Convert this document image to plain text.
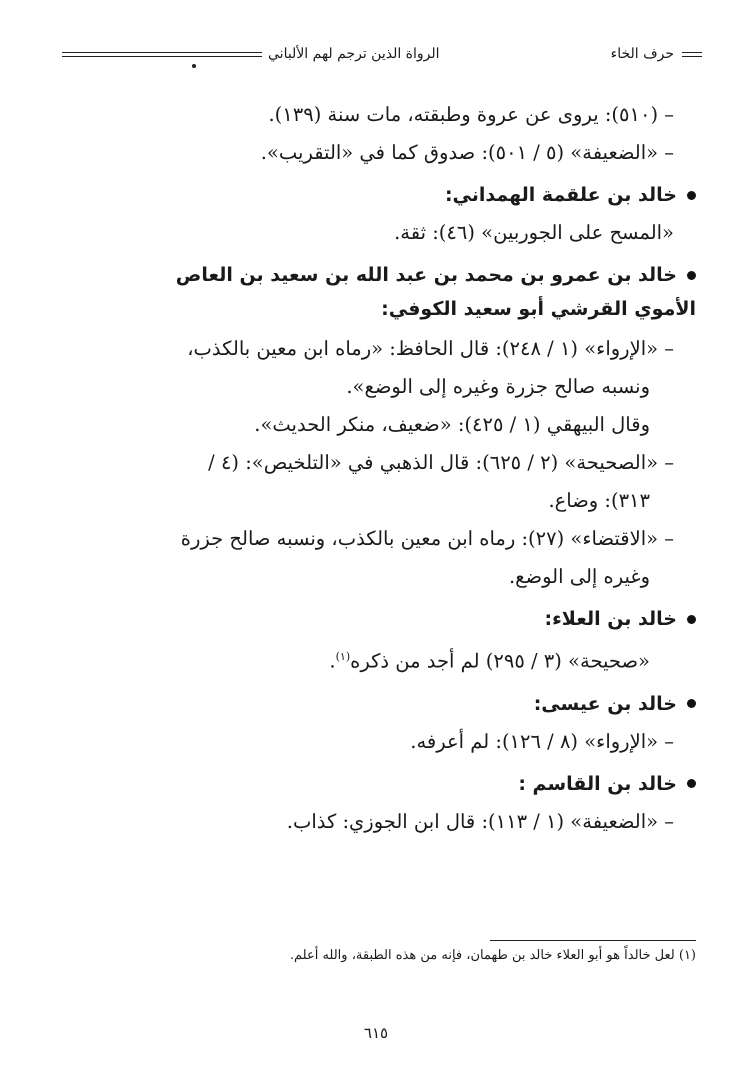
حرف الخاء
الرواة الذين ترجم لهم الألباني
– (٥١٠): يروى عن عروة وطبقته، مات سنة (١٣٩).
– «الضعيفة» (٥ / ٥٠١): صدوق كما في «التقريب».
خالد بن علقمة الهمداني:
«المسح على الجوربين» (٤٦): ثقة.
خالد بن عمرو بن محمد بن عبد الله بن سعيد بن العاص
الأموي القرشي أبو سعيد الكوفي:
– «الإرواء» (١ / ٢٤٨): قال الحافظ: «رماه ابن معين بالكذب،
ونسبه صالح جزرة وغيره إلى الوضع».
وقال البيهقي (١ / ٤٢٥): «ضعيف، منكر الحديث».
– «الصحيحة» (٢ / ٦٢٥): قال الذهبي في «التلخيص»: (٤ /
٣١٣): وضاع.
– «الاقتضاء» (٢٧): رماه ابن معين بالكذب، ونسبه صالح جزرة
وغيره إلى الوضع.
خالد بن العلاء:
«صحيحة» (٣ / ٢٩٥) لم أجد من ذكره$^{(١)}$.
خالد بن عيسى:
– «الإرواء» (٨ / ١٢٦): لم أعرفه.
خالد بن القاسم :
– «الضعيفة» (١ / ١١٣): قال ابن الجوزي: كذاب.
(١) لعل خالداً هو أبو العلاء خالد بن طهمان، فإنه من هذه الطبقة، والله أعلم.
٦١٥
